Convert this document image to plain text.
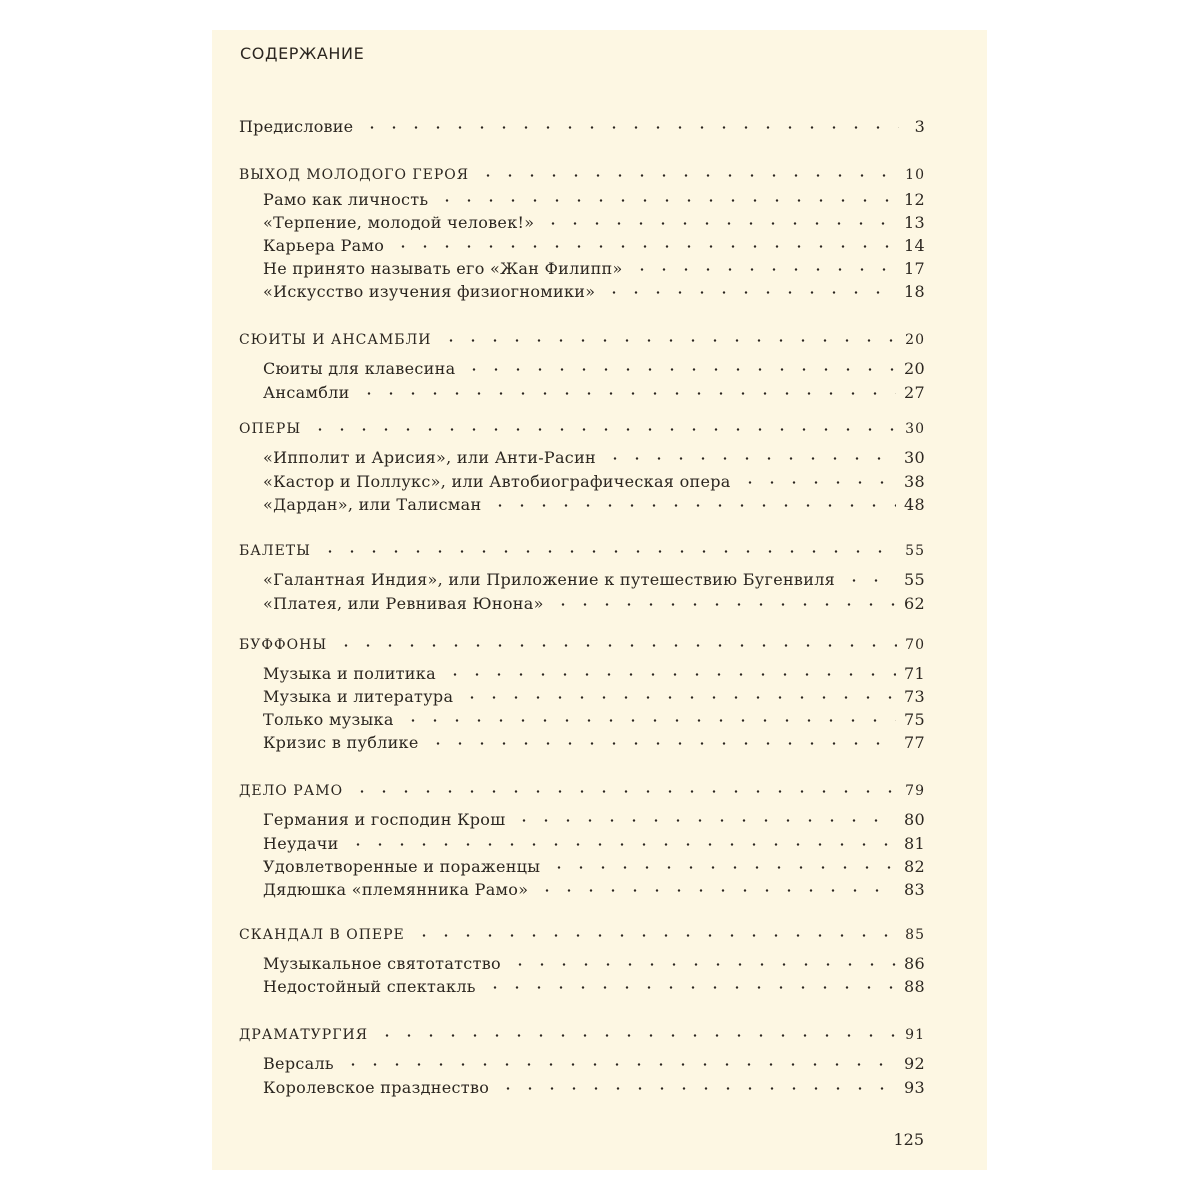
СОДЕРЖАНИЕ
Предисловие	3
ВЫХОД МОЛОДОГО ГЕРОЯ	10
Рамо как личность	12
«Терпение, молодой человек!»	13
Карьера Рамо	14
Не принято называть его «Жан Филипп»	17
«Искусство изучения физиогномики»	18
СЮИТЫ И АНСАМБЛИ	20
Сюиты для клавесина	20
Ансамбли	27
ОПЕРЫ	30
«Ипполит и Арисия», или Анти-Расин	30
«Кастор и Поллукс», или Автобиографическая опера	38
«Дардан», или Талисман	48
БАЛЕТЫ	55
«Галантная Индия», или Приложение к путешествию Бугенвиля	55
«Платея, или Ревнивая Юнона»	62
БУФФОНЫ	70
Музыка и политика	71
Музыка и литература	73
Только музыка	75
Кризис в публике	77
ДЕЛО РАМО	79
Германия и господин Крош	80
Неудачи	81
Удовлетворенные и пораженцы	82
Дядюшка «племянника Рамо»	83
СКАНДАЛ В ОПЕРЕ	85
Музыкальное святотатство	86
Недостойный спектакль	88
ДРАМАТУРГИЯ	91
Версаль	92
Королевское празднество	93
125
